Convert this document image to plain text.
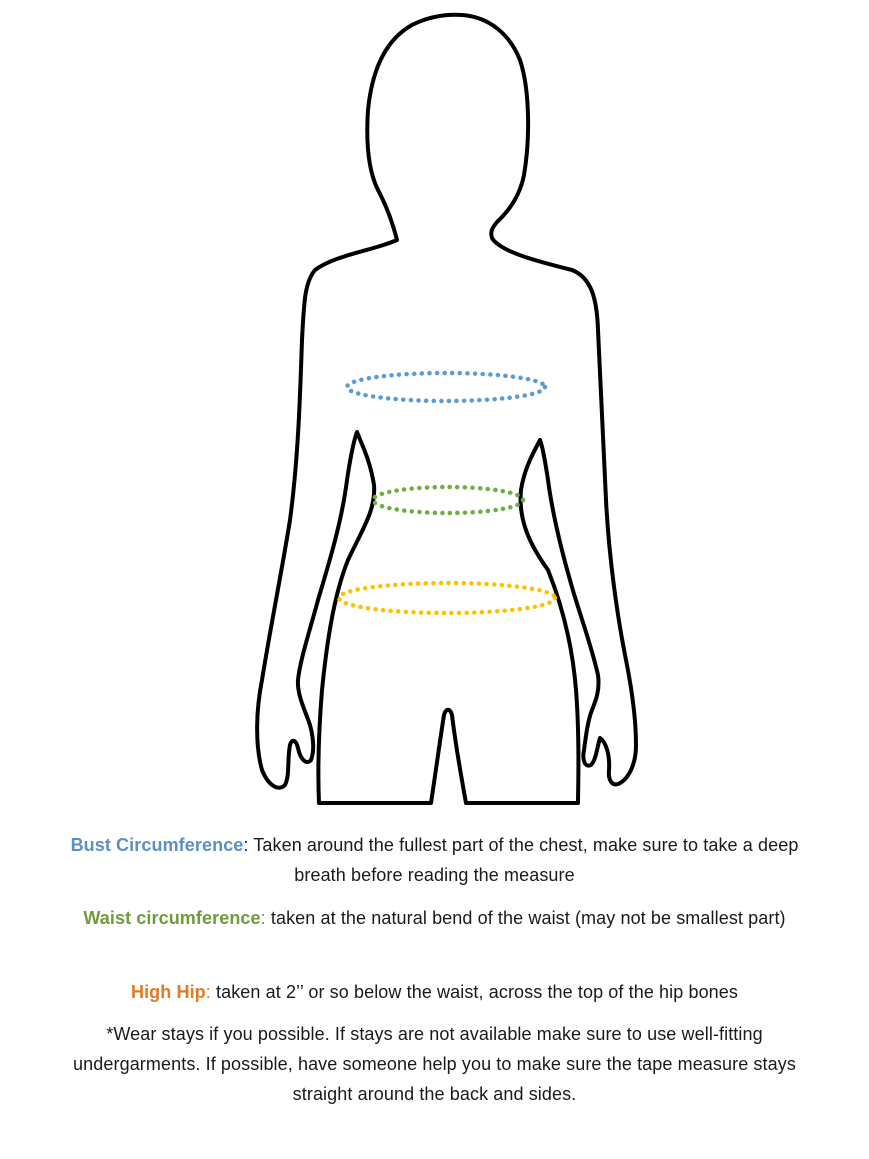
Bust Circumference: Taken around the fullest part of the chest, make sure to take a deep breath before reading the measure

Waist circumference: taken at the natural bend of the waist (may not be smallest part)

High Hip: taken at 2’’ or so below the waist, across the top of the hip bones

*Wear stays if you possible. If stays are not available make sure to use well-fitting undergarments. If possible, have someone help you to make sure the tape measure stays straight around the back and sides.
